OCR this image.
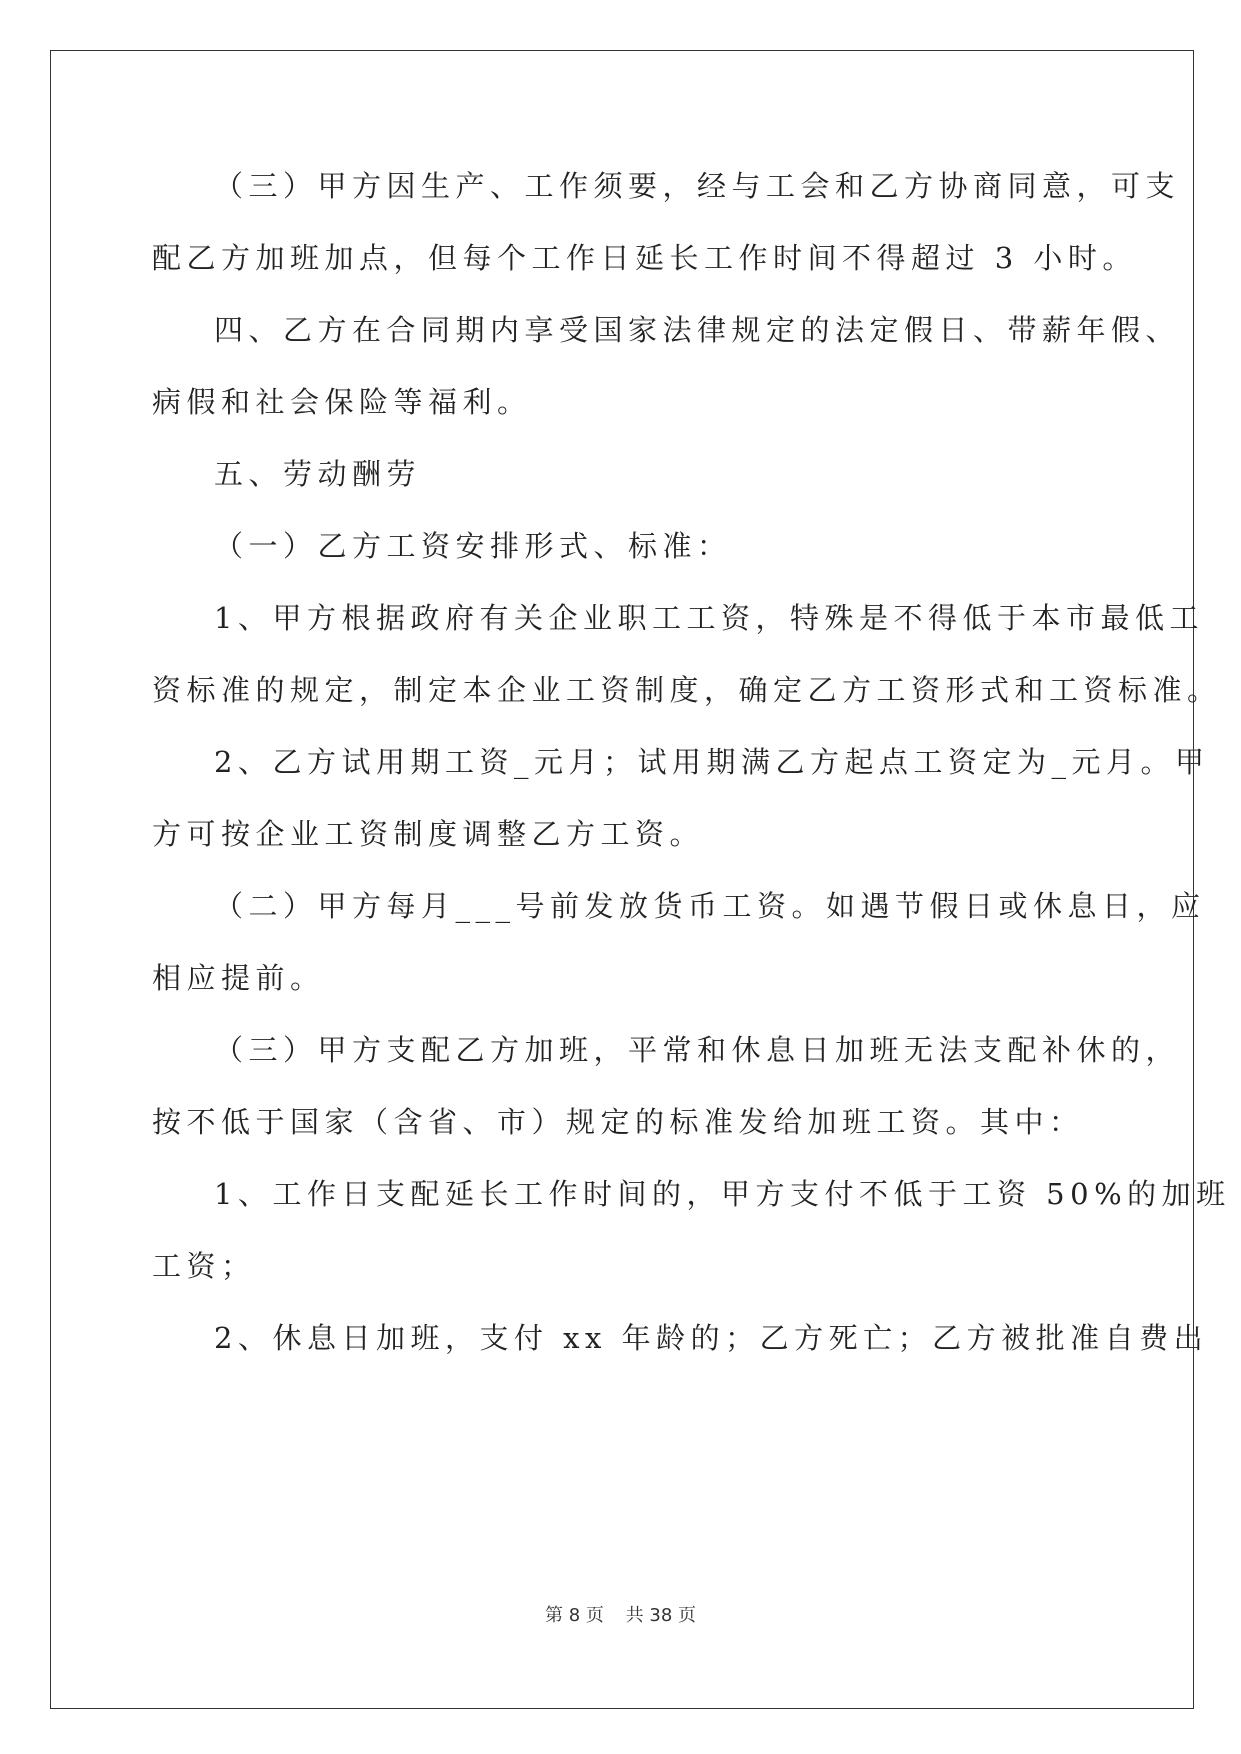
（三）甲方因生产、工作须要，经与工会和乙方协商同意，可支
配乙方加班加点，但每个工作日延长工作时间不得超过 3 小时。
四、乙方在合同期内享受国家法律规定的法定假日、带薪年假、
病假和社会保险等福利。
五、劳动酬劳
（一）乙方工资安排形式、标准：
1、甲方根据政府有关企业职工工资，特殊是不得低于本市最低工
资标准的规定，制定本企业工资制度，确定乙方工资形式和工资标准。
2、乙方试用期工资_元月；试用期满乙方起点工资定为_元月。甲
方可按企业工资制度调整乙方工资。
（二）甲方每月___号前发放货币工资。如遇节假日或休息日，应
相应提前。
（三）甲方支配乙方加班，平常和休息日加班无法支配补休的，
按不低于国家（含省、市）规定的标准发给加班工资。其中：
1、工作日支配延长工作时间的，甲方支付不低于工资 50%的加班
工资；
2、休息日加班，支付 xx 年龄的；乙方死亡；乙方被批准自费出
第 8 页 共 38 页
